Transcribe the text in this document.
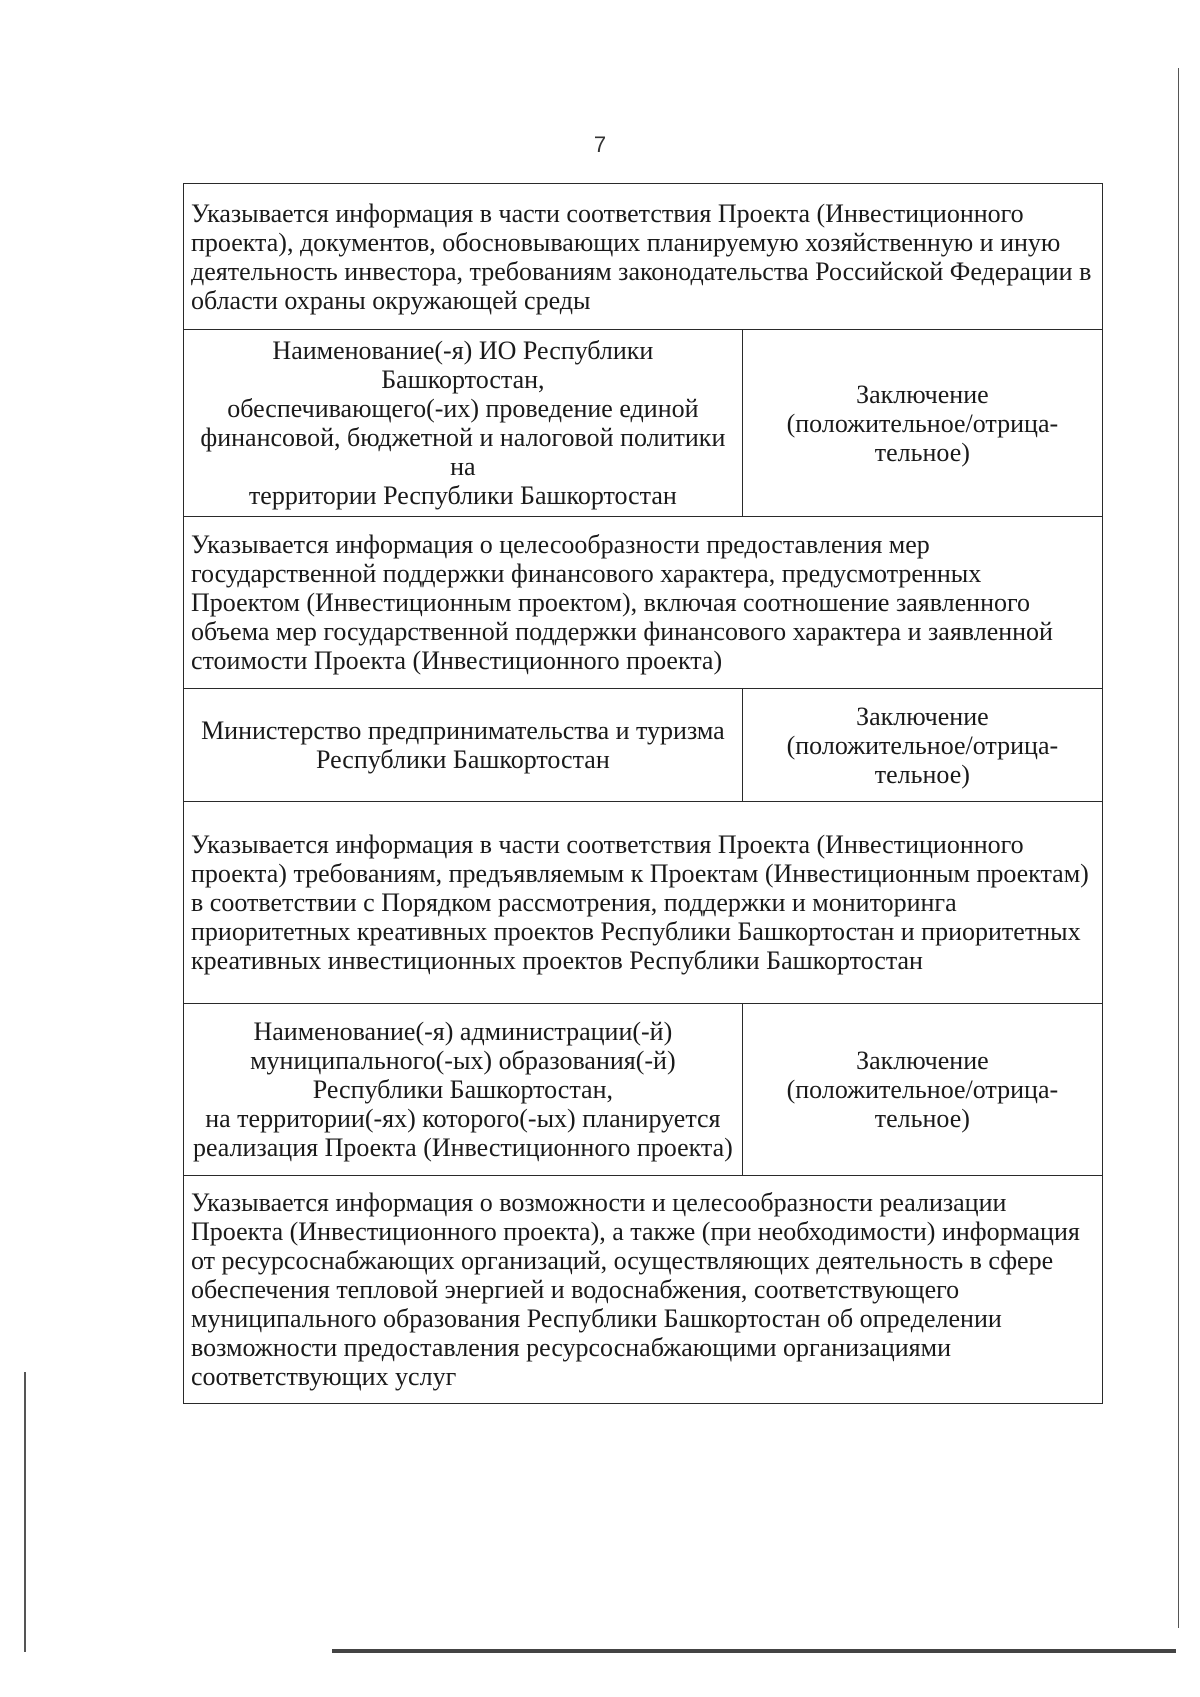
7
Указывается информация в части соответствия Проекта (Инвестиционного проекта), документов, обосновывающих планируемую хозяйственную и иную деятельность инвестора, требованиям законодательства Российской Федерации в области охраны окружающей среды	
Наименование(-я) ИО Республики Башкортостан,
обеспечивающего(-их) проведение единой
финансовой, бюджетной и налоговой политики на
территории Республики Башкортостан	Заключение
(положительное/отрица-
тельное)
Указывается информация о целесообразности предоставления мер государственной поддержки финансового характера, предусмотренных Проектом (Инвестиционным проектом), включая соотношение заявленного объема мер государственной поддержки финансового характера и заявленной стоимости Проекта (Инвестиционного проекта)	
Министерство предпринимательства и туризма
Республики Башкортостан	Заключение
(положительное/отрица-
тельное)
Указывается информация в части соответствия Проекта (Инвестиционного проекта) требованиям, предъявляемым к Проектам (Инвестиционным проектам) в соответствии с Порядком рассмотрения, поддержки и мониторинга приоритетных креативных проектов Республики Башкортостан и приоритетных креативных инвестиционных проектов Республики Башкортостан	
Наименование(-я) администрации(-й)
муниципального(-ых) образования(-й)
Республики Башкортостан,
на территории(-ях) которого(-ых) планируется
реализация Проекта (Инвестиционного проекта)	Заключение
(положительное/отрица-
тельное)
Указывается информация о возможности и целесообразности реализации Проекта (Инвестиционного проекта), а также (при необходимости) информация от ресурсоснабжающих организаций, осуществляющих деятельность в сфере обеспечения тепловой энергией и водоснабжения, соответствующего муниципального образования Республики Башкортостан об определении возможности предоставления ресурсоснабжающими организациями соответствующих услуг	
